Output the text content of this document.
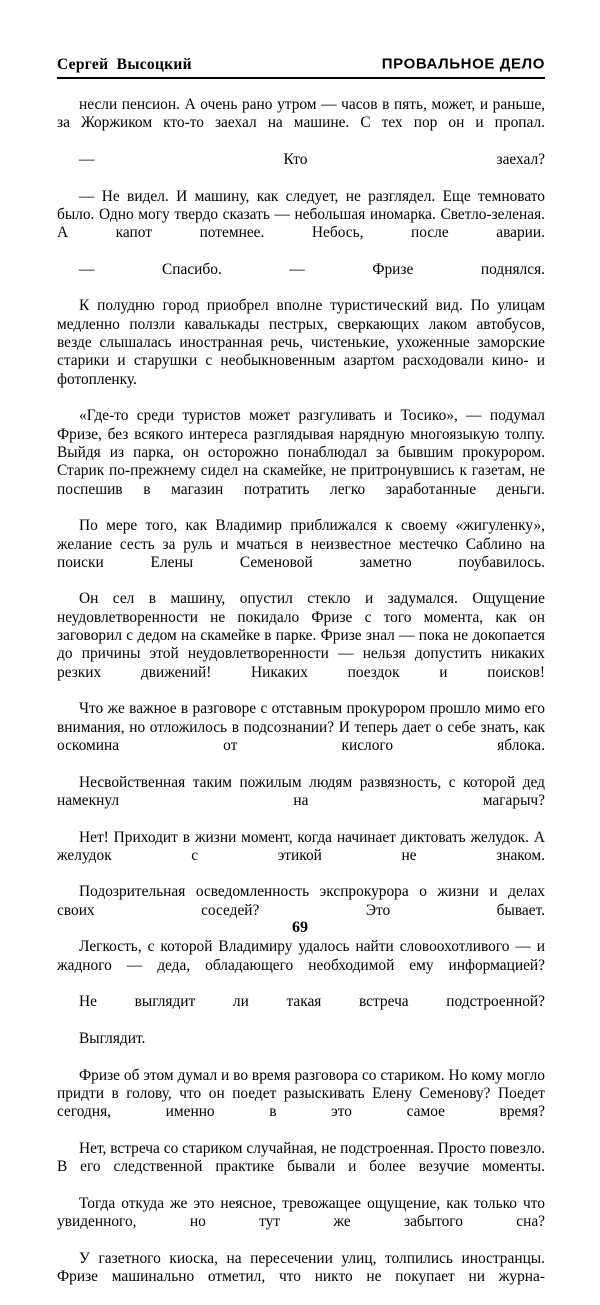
Сергей  Высоцкий	ПРОВАЛЬНОЕ ДЕЛО

несли пенсион. А очень рано утром — часов в пять, может, и раньше, за Жоржиком кто-то заехал на машине. С тех пор он и пропал.

— Кто заехал?

— Не видел. И машину, как следует, не разглядел. Еще темновато было. Одно могу твердо сказать — небольшая иномарка. Светло-зеленая. А капот потемнее. Небось, после аварии.

— Спасибо. — Фризе поднялся.

К полудню город приобрел вполне туристический вид. По улицам медленно ползли кавалькады пестрых, сверкающих лаком автобусов, везде слышалась иностранная речь, чистенькие, ухоженные заморские старики и старушки с необыкновенным азартом расходовали кино- и фотопленку.

«Где-то среди туристов может разгуливать и Тосико», — подумал Фризе, без всякого интереса разглядывая нарядную многоязыкую толпу. Выйдя из парка, он осторожно понаблюдал за бывшим прокурором. Старик по-прежнему сидел на скамейке, не притронувшись к газетам, не поспешив в магазин потратить легко заработанные деньги.

По мере того, как Владимир приближался к своему «жигуленку», желание сесть за руль и мчаться в неизвестное местечко Саблино на поиски Елены Семеновой заметно поубавилось.

Он сел в машину, опустил стекло и задумался. Ощущение неудовлетворенности не покидало Фризе с того момента, как он заговорил с дедом на скамейке в парке. Фризе знал — пока не докопается до причины этой неудовлетворенности — нельзя допустить никаких резких движений! Никаких поездок и поисков!

Что же важное в разговоре с отставным прокурором прошло мимо его внимания, но отложилось в подсознании? И теперь дает о себе знать, как оскомина от кислого яблока.

Несвойственная таким пожилым людям развязность, с которой дед намекнул на магарыч?

Нет! Приходит в жизни момент, когда начинает диктовать желудок. А желудок с этикой не знаком.

Подозрительная осведомленность экспрокурора о жизни и делах своих соседей? Это бывает.

Легкость, с которой Владимиру удалось найти словоохотливого — и жадного — деда, обладающего необходимой ему информацией?

Не выглядит ли такая встреча подстроенной?

Выглядит.

Фризе об этом думал и во время разговора со стариком. Но кому могло придти в голову, что он поедет разыскивать Елену Семенову? Поедет сегодня, именно в это самое время?

Нет, встреча со стариком случайная, не подстроенная. Просто повезло. В его следственной практике бывали и более везучие моменты.

Тогда откуда же это неясное, тревожащее ощущение, как только что увиденного, но тут же забытого сна?

У газетного киоска, на пересечении улиц, толпились иностранцы. Фризе машинально отметил, что никто не покупает ни журна-

69
